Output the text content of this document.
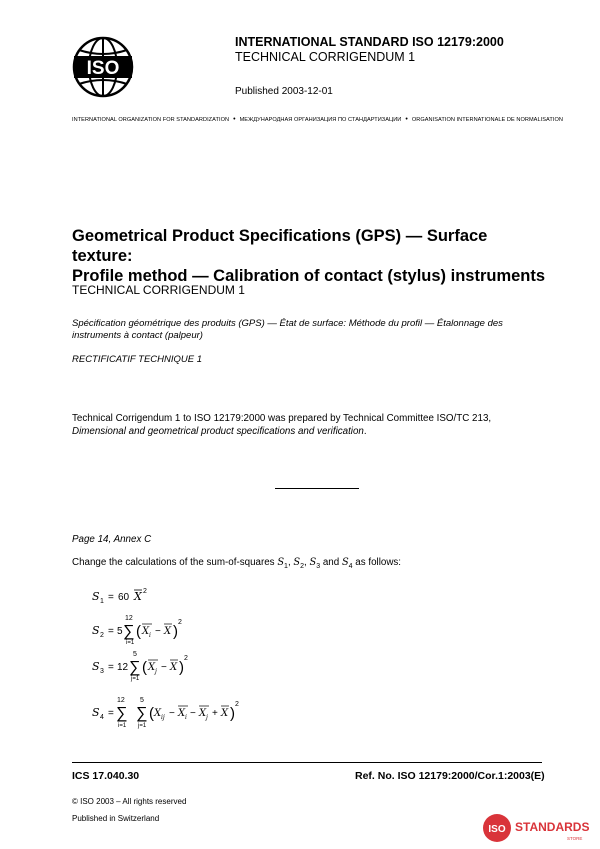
ISO
INTERNATIONAL STANDARD ISO 12179:2000
TECHNICAL CORRIGENDUM 1
Published 2003-12-01
INTERNATIONAL ORGANIZATION FOR STANDARDIZATION • МЕЖДУНАРОДНАЯ ОРГАНИЗАЦИЯ ПО СТАНДАРТИЗАЦИИ • ORGANISATION INTERNATIONALE DE NORMALISATION
Geometrical Product Specifications (GPS) — Surface texture:
Profile method — Calibration of contact (stylus) instruments
TECHNICAL CORRIGENDUM 1
Spécification géométrique des produits (GPS) — État de surface: Méthode du profil — Étalonnage des
instruments à contact (palpeur)
RECTIFICATIF TECHNIQUE 1
Technical Corrigendum 1 to ISO 12179:2000 was prepared by Technical Committee ISO/TC 213, Dimensional and geometrical product specifications and verification.
Page 14, Annex C
Change the calculations of the sum-of-squares $S_1$, $S_2$, $S_3$ and $S_4$ as follows:
S 1 = 60 X 2
S 2 = 5 ∑
12
i=1
( X i − X )
2
S 3 = 12 ∑
5
j=1
( X j − X )
2
S 4 = ∑
12
i=1
∑
5
j=1
( X ij − X i − X j + X )
2
ICS 17.040.30	Ref. No. ISO 12179:2000/Cor.1:2003(E)
© ISO 2003 – All rights reserved
Published in Switzerland
ISO STANDARDS
STORE
